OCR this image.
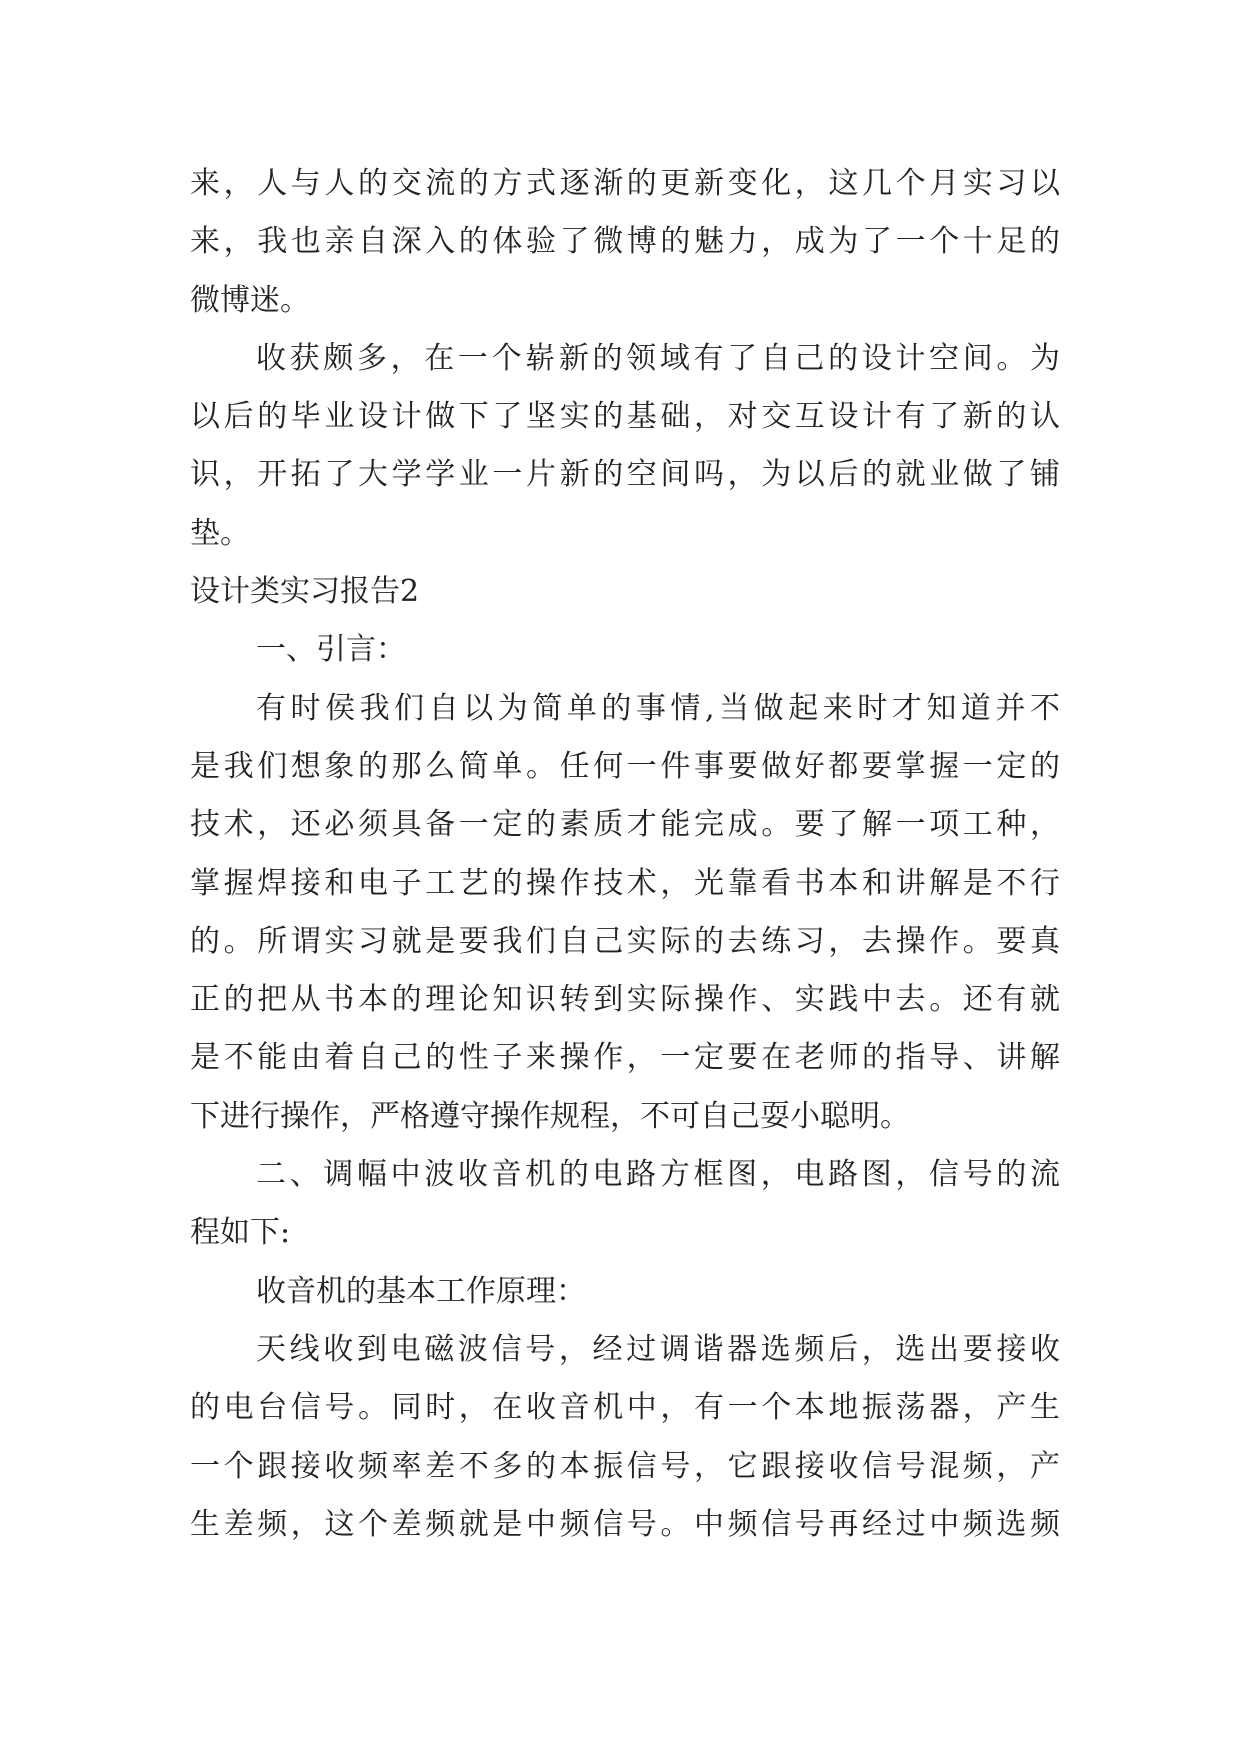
来，人与人的交流的方式逐渐的更新变化，这几个月实习以
来，我也亲自深入的体验了微博的魅力，成为了一个十足的
微博迷。
收获颇多，在一个崭新的领域有了自己的设计空间。为
以后的毕业设计做下了坚实的基础，对交互设计有了新的认
识，开拓了大学学业一片新的空间吗，为以后的就业做了铺
垫。
设计类实习报告2
一、引言：
有时侯我们自以为简单的事情,当做起来时才知道并不
是我们想象的那么简单。任何一件事要做好都要掌握一定的
技术，还必须具备一定的素质才能完成。要了解一项工种，
掌握焊接和电子工艺的操作技术，光靠看书本和讲解是不行
的。所谓实习就是要我们自己实际的去练习，去操作。要真
正的把从书本的理论知识转到实际操作、实践中去。还有就
是不能由着自己的性子来操作，一定要在老师的指导、讲解
下进行操作，严格遵守操作规程，不可自己耍小聪明。
二、调幅中波收音机的电路方框图，电路图，信号的流
程如下:
收音机的基本工作原理：
天线收到电磁波信号，经过调谐器选频后，选出要接收
的电台信号。同时，在收音机中，有一个本地振荡器，产生
一个跟接收频率差不多的本振信号，它跟接收信号混频，产
生差频，这个差频就是中频信号。中频信号再经过中频选频
